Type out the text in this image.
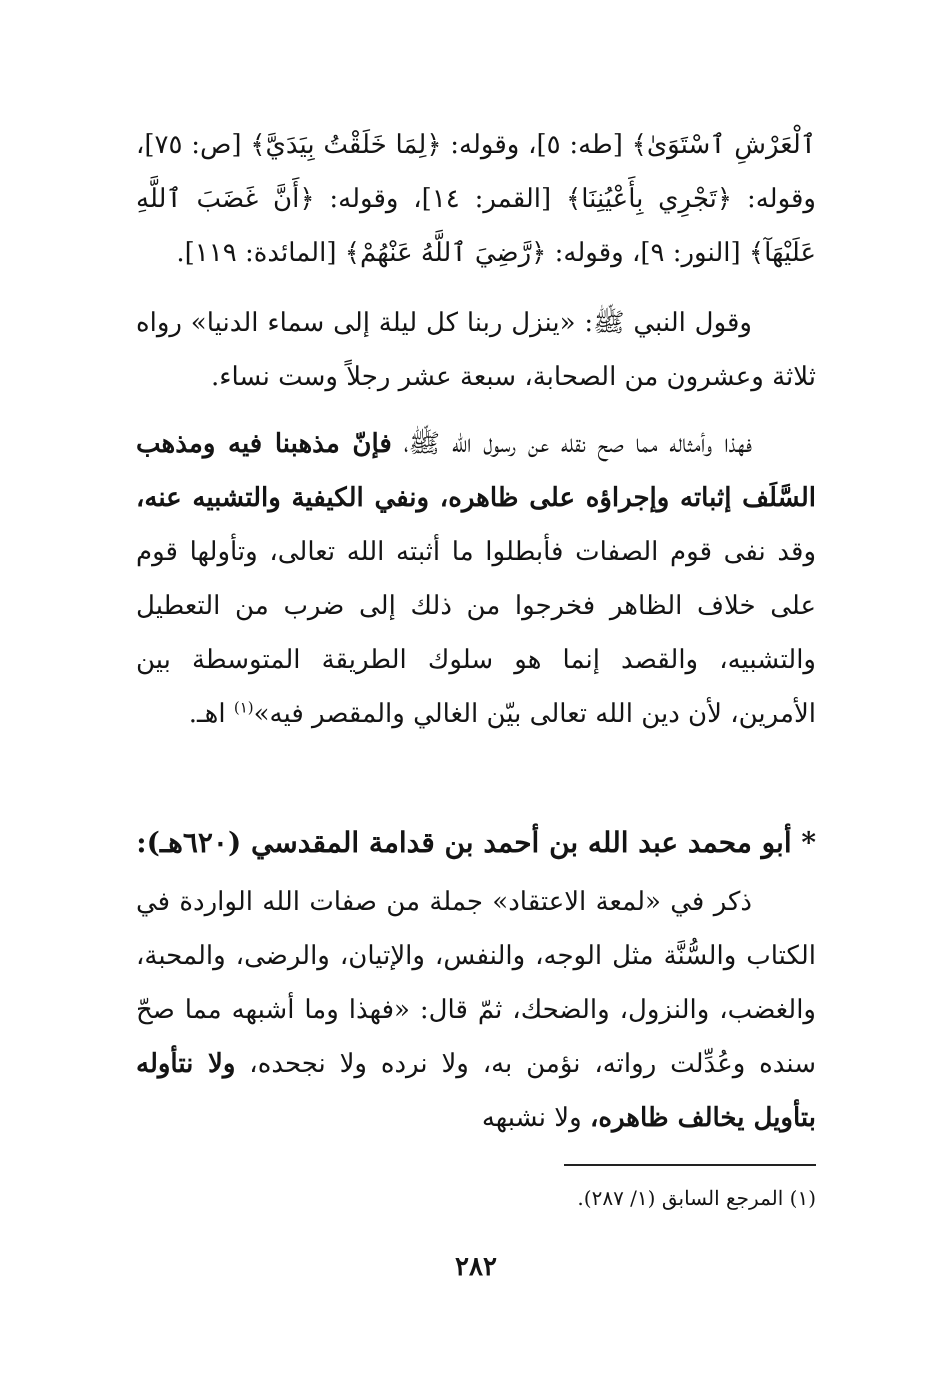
ٱلْعَرْشِ ٱسْتَوَىٰ﴾ [طه: ٥]، وقوله: ﴿لِمَا خَلَقْتُ بِيَدَيَّ﴾ [ص: ٧٥]، وقوله: ﴿تَجْرِي بِأَعْيُنِنَا﴾ [القمر: ١٤]، وقوله: ﴿أَنَّ غَضَبَ ٱللَّهِ عَلَيْهَآ﴾ [النور: ٩]، وقوله: ﴿رَّضِيَ ٱللَّهُ عَنْهُمْ﴾ [المائدة: ١١٩].
وقول النبي ﷺ: «ينزل ربنا كل ليلة إلى سماء الدنيا» رواه ثلاثة وعشرون من الصحابة، سبعة عشر رجلاً وست نساء.
فهذا وأمثاله مما صح نقله عن رسول الله ﷺ، فإنّ مذهبنا فيه ومذهب السَّلَف إثباته وإجراؤه على ظاهره، ونفي الكيفية والتشبيه عنه، وقد نفى قوم الصفات فأبطلوا ما أثبته الله تعالى، وتأولها قوم على خلاف الظاهر فخرجوا من ذلك إلى ضرب من التعطيل والتشبيه، والقصد إنما هو سلوك الطريقة المتوسطة بين الأمرين، لأن دين الله تعالى بيّن الغالي والمقصر فيه»$^{(١)}$ اهـ.
* أبو محمد عبد الله بن أحمد بن قدامة المقدسي (٦٢٠هـ):
ذكر في «لمعة الاعتقاد» جملة من صفات الله الواردة في الكتاب والسُّنَّة مثل الوجه، والنفس، والإتيان، والرضى، والمحبة، والغضب، والنزول، والضحك، ثمّ قال: «فهذا وما أشبهه مما صحّ سنده وعُدِّلت رواته، نؤمن به، ولا نرده ولا نجحده، ولا نتأوله بتأويل يخالف ظاهره، ولا نشبهه
(١) المرجع السابق (١/ ٢٨٧).
٢٨٢
